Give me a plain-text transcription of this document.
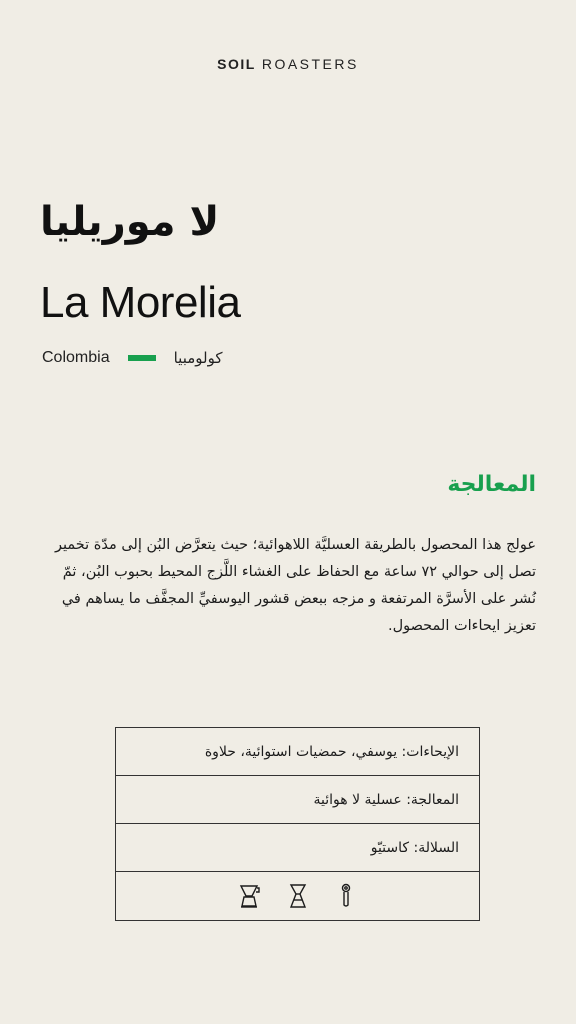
SOIL ROASTERS
لا موريليا
La Morelia
Colombia	كولومبيا
المعالجة
عولج هذا المحصول بالطريقة العسليَّة اللاهوائية؛ حيث يتعرَّض البُن إلى مدّة تخمير تصل إلى حوالي ٧٢ ساعة مع الحفاظ على الغشاء اللَّزج المحيط بحبوب البُن، ثمّ نُشر على الأسرَّة المرتفعة و مزجه ببعض قشور اليوسفيِّ المجفَّف ما يساهم في تعزيز ايحاءات المحصول.
الإيحاءات: يوسفي، حمضيات استوائية، حلاوة
المعالجة: عسلية لا هوائية
السلالة: كاستيّو
